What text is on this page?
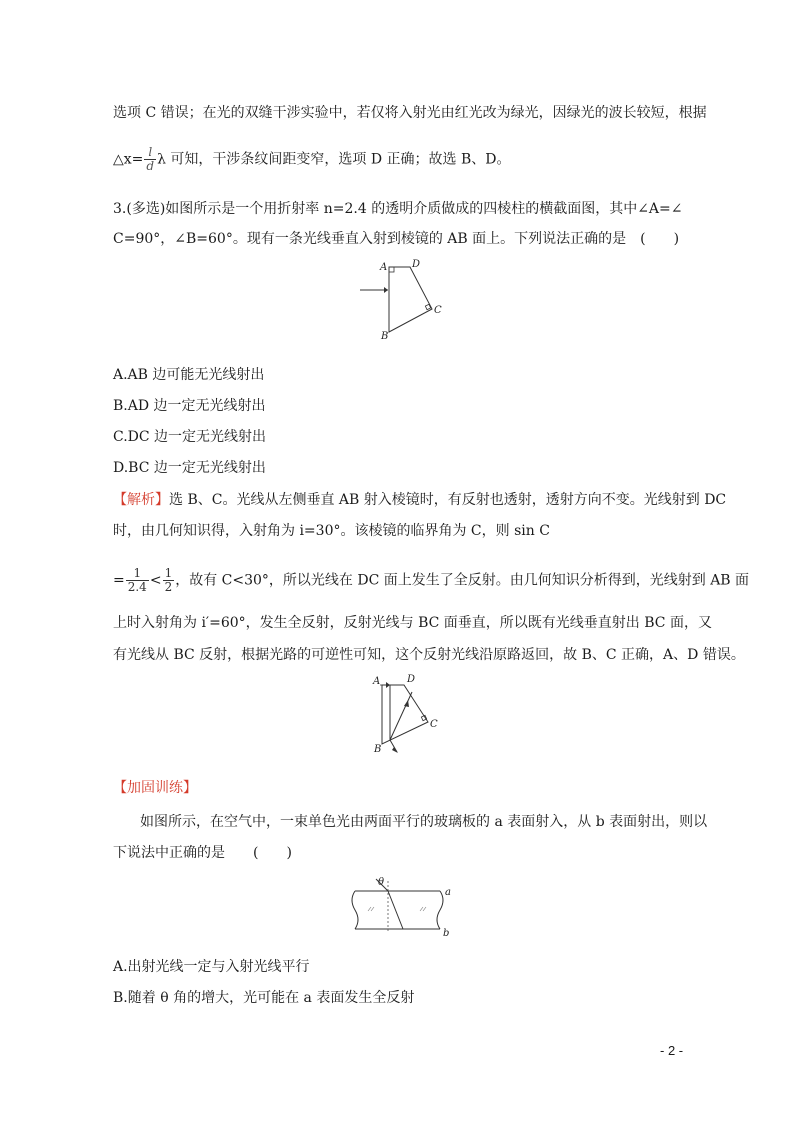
选项 C 错误；在光的双缝干涉实验中，若仅将入射光由红光改为绿光，因绿光的波长较短，根据
△x= $\frac{l}{d}$ λ 可知，干涉条纹间距变窄，选项 D 正确；故选 B、D。
3.(多选)如图所示是一个用折射率 n=2.4 的透明介质做成的四棱柱的横截面图，其中∠A=∠
C=90°，∠B=60°。现有一条光线垂直入射到棱镜的 AB 面上。下列说法正确的是　(　　)
A D
C
B
A.AB 边可能无光线射出
B.AD 边一定无光线射出
C.DC 边一定无光线射出
D.BC 边一定无光线射出
【解析】选 B、C。光线从左侧垂直 AB 射入棱镜时，有反射也透射，透射方向不变。光线射到 DC
时，由几何知识得，入射角为 i=30°。该棱镜的临界角为 C，则 sin C
= $\frac{1}{2.4} < \frac{1}{2}$ ，故有 C<30°，所以光线在 DC 面上发生了全反射。由几何知识分析得到，光线射到 AB 面
上时入射角为 i′=60°，发生全反射，反射光线与 BC 面垂直，所以既有光线垂直射出 BC 面，又
有光线从 BC 反射，根据光路的可逆性可知，这个反射光线沿原路返回，故 B、C 正确，A、D 错误。
A	D
C
B
【加固训练】
如图所示，在空气中，一束单色光由两面平行的玻璃板的 a 表面射入，从 b 表面射出，则以
下说法中正确的是　　(　　)
θ
a
b
A.出射光线一定与入射光线平行
B.随着 θ 角的增大，光可能在 a 表面发生全反射
- 2 -
